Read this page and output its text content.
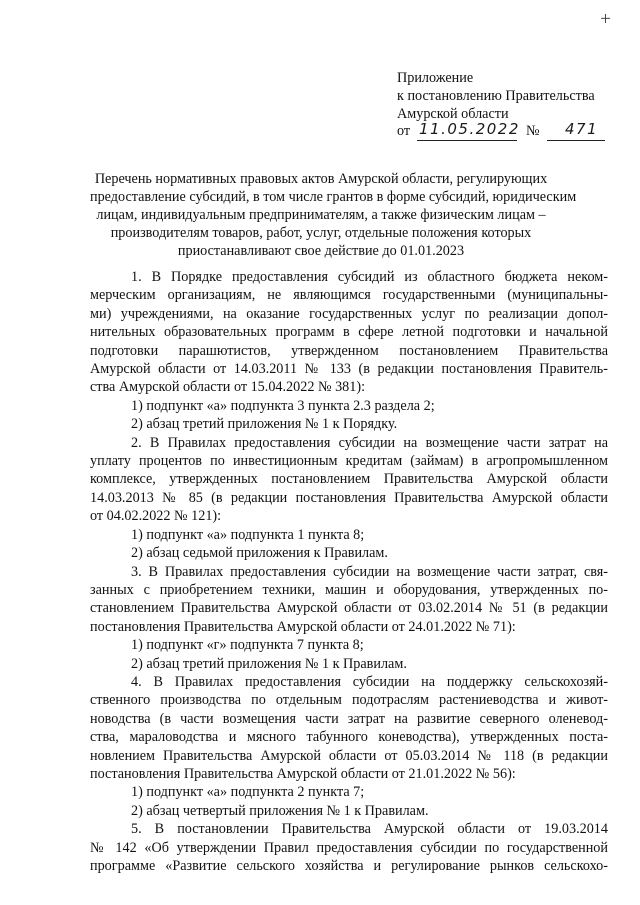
Приложение
к постановлению Правительства
Амурской области
от 11.05.2022 № 471
Перечень нормативных правовых актов Амурской области, регулирующих
предоставление субсидий, в том числе грантов в форме субсидий, юридическим
лицам, индивидуальным предпринимателям, а также физическим лицам –
производителям товаров, работ, услуг, отдельные положения которых
приостанавливают свое действие до 01.01.2023

1. В Порядке предоставления субсидий из областного бюджета неком-

мерческим организациям, не являющимся государственными (муниципальны-

ми) учреждениями, на оказание государственных услуг по реализации допол-

нительных образовательных программ в сфере летной подготовки и начальной

подготовки парашютистов, утвержденном постановлением Правительства

Амурской области от 14.03.2011 № 133 (в редакции постановления Правитель-

ства Амурской области от 15.04.2022 № 381):

1) подпункт «а» подпункта 3 пункта 2.3 раздела 2;

2) абзац третий приложения № 1 к Порядку.

2. В Правилах предоставления субсидии на возмещение части затрат на

уплату процентов по инвестиционным кредитам (займам) в агропромышленном

комплексе, утвержденных постановлением Правительства Амурской области

14.03.2013 № 85 (в редакции постановления Правительства Амурской области

от 04.02.2022 № 121):

1) подпункт «а» подпункта 1 пункта 8;

2) абзац седьмой приложения к Правилам.

3. В Правилах предоставления субсидии на возмещение части затрат, свя-

занных с приобретением техники, машин и оборудования, утвержденных по-

становлением Правительства Амурской области от 03.02.2014 № 51 (в редакции

постановления Правительства Амурской области от 24.01.2022 № 71):

1) подпункт «г» подпункта 7 пункта 8;

2) абзац третий приложения № 1 к Правилам.

4. В Правилах предоставления субсидии на поддержку сельскохозяй-

ственного производства по отдельным подотраслям растениеводства и живот-

новодства (в части возмещения части затрат на развитие северного оленевод-

ства, мараловодства и мясного табунного коневодства), утвержденных поста-

новлением Правительства Амурской области от 05.03.2014 № 118 (в редакции

постановления Правительства Амурской области от 21.01.2022 № 56):

1) подпункт «а» подпункта 2 пункта 7;

2) абзац четвертый приложения № 1 к Правилам.

5. В постановлении Правительства Амурской области от 19.03.2014

№ 142 «Об утверждении Правил предоставления субсидии по государственной

программе «Развитие сельского хозяйства и регулирование рынков сельскохо-
